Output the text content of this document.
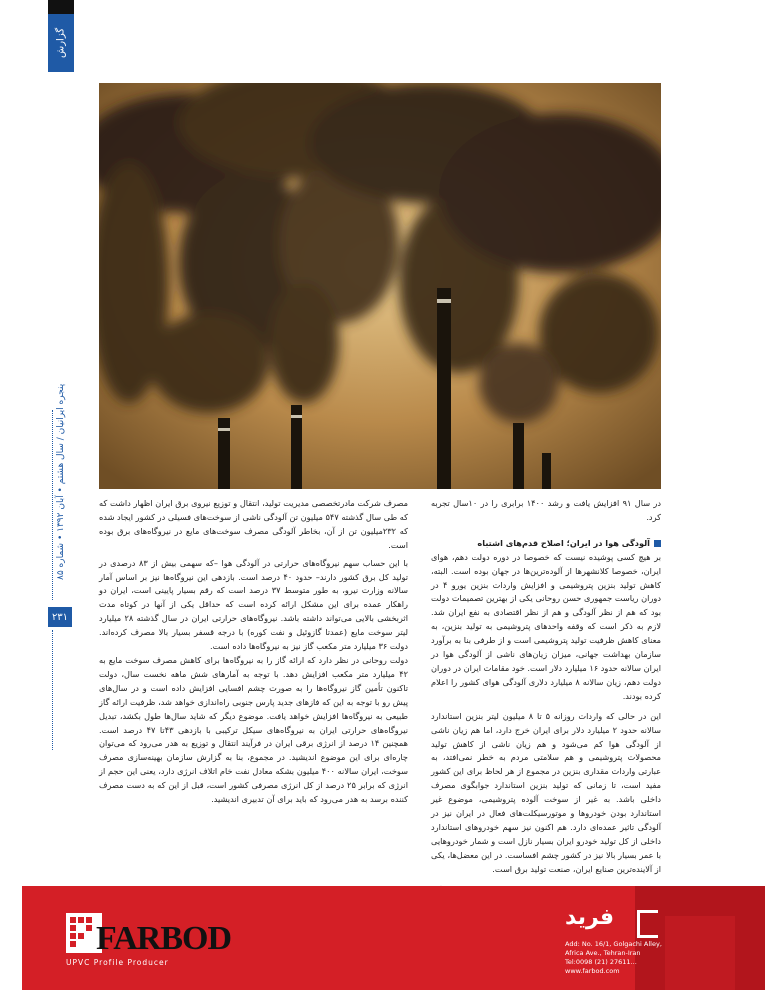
گزارش
پنجره ایرانیان / سال هشتم • آبان ۱۳۹۲ • شماره ۸۵
۲۳۱

در سال ۹۱ افزایش یافت و رشد ۱۴۰۰ برابری را در ۱۰سال تجربه کرد.

آلودگی هوا در ایران؛ اصلاح قدم‌های اشتباه

بر هیچ کسی پوشیده نیست که خصوصا در دوره دولت دهم، هوای ایران، خصوصا کلانشهرها از آلوده‌ترین‌ها در جهان بوده است. البته، کاهش تولید بنزین پتروشیمی و افزایش واردات بنزین یورو ۴ در دوران ریاست جمهوری حسن روحانی یکی از بهترین تصمیمات دولت بود که هم از نظر آلودگی و هم از نظر اقتصادی به نفع ایران شد. لازم به ذکر است که وقفه واحدهای پتروشیمی به تولید بنزین، به معنای کاهش ظرفیت تولید پتروشیمی است و از طرفی بنا به برآورد سازمان بهداشت جهانی، میزان زیان‌های ناشی از آلودگی هوا در ایران سالانه حدود ۱۶ میلیارد دلار است. خود مقامات ایران در دوران دولت دهم، زیان سالانه ۸ میلیارد دلاری آلودگی هوای کشور را اعلام کرده بودند.

این در حالی که واردات روزانه ۵ تا ۸ میلیون لیتر بنزین استاندارد سالانه حدود ۲ میلیارد دلار برای ایران خرج دارد، اما هم زیان ناشی از آلودگی هوا کم می‌شود و هم زیان ناشی از کاهش تولید محصولات پتروشیمی و هم سلامتی مردم به خطر نمی‌افتد، به عبارتی واردات مقداری بنزین در مجموع از هر لحاظ برای این کشور مفید است، تا زمانی که تولید بنزین استاندارد جوابگوی مصرف داخلی باشد. به غیر از سوخت آلوده پتروشیمی، موضوع غیر استاندارد بودن خودروها و موتورسیکلت‌های فعال در ایران نیز در آلودگی تاثیر عمده‌ای دارد. هم اکنون نیز سهم خودروهای استاندارد داخلی از کل تولید خودرو ایران بسیار نازل است و شمار خودروهایی با عمر بسیار بالا نیز در کشور چشم افساست. در این معضل‌ها، یکی از آلاینده‌ترین صنایع ایران، صنعت تولید برق است.

مصرف شرکت مادرتخصصی مدیریت تولید، انتقال و توزیع نیروی برق ایران اظهار داشت که که طی سال گذشته ۵۴۷ میلیون تن آلودگی ناشی از سوخت‌های فسیلی در کشور ایجاد شده که ۲۳۲میلیون تن از آن، بخاطر آلودگی مصرف سوخت‌های مایع در نیروگاه‌های برق بوده است.

با این حساب سهم نیروگاه‌های حرارتی در آلودگی هوا –که سهمی بیش از ۸۳ درصدی در تولید کل برق کشور دارند– حدود ۴۰ درصد است. بازدهی این نیروگاه‌ها نیز بر اساس آمار سالانه وزارت نیرو، به طور متوسط ۳۷ درصد است که رقم بسیار پایینی است، ایران دو راهکار عمده برای این مشکل ارائه کرده است که حداقل یکی از آنها در کوتاه مدت اثربخشی بالایی می‌تواند داشته باشد. نیروگاه‌های حرارتی ایران در سال گذشته ۲۸ میلیارد لیتر سوخت مایع (عمدتا گازوئیل و نفت کوره) با درجه قسفر بسیار بالا مصرف کرده‌اند. دولت ۳۶ میلیارد متر مکعب گاز نیز به نیروگاه‌ها داده است.

دولت روحانی در نظر دارد که ارائه گاز را به نیروگاه‌ها برای کاهش مصرف سوخت مایع به ۴۲ میلیارد متر مکعب افزایش دهد. با توجه به آمارهای شش ماهه نخست سال، دولت تاکنون تأمین گاز نیروگاه‌ها را به صورت چشم افسایی افزایش داده است و در سال‌های پیش رو با توجه به این که فازهای جدید پارس جنوبی راه‌اندازی خواهد شد، ظرفیت ارائه گاز طبیعی به نیروگاه‌ها افزایش خواهد یافت. موضوع دیگر که شاید سال‌ها طول بکشد، تبدیل نیروگاه‌های حرارتی ایران به نیروگاه‌های سیکل ترکیبی با بازدهی ۴۳تا ۴۷ درصد است. همچنین ۱۴ درصد از انرژی برقی ایران در فرآیند انتقال و توزیع به هدر می‌رود که می‌توان چاره‌ای برای این موضوع اندیشید. در مجموع، بنا به گزارش سازمان بهینه‌سازی مصرف سوخت، ایران سالانه ۴۰۰ میلیون بشکه معادل نفت خام اتلاف انرژی دارد، یعنی این حجم از انرژی که برابر ۲۵ درصد از کل انرژی مصرفی کشور است، قبل از این که به دست مصرف کننده برسد به هدر می‌رود که باید برای آن تدبیری اندیشید.

FARBOD
UPVC Profile Producer
فرید
Add: No. 16/1, Golgachi Alley,
Africa Ave., Tehran-Iran
Tel:0098 (21) 27611...
www.farbod.com
